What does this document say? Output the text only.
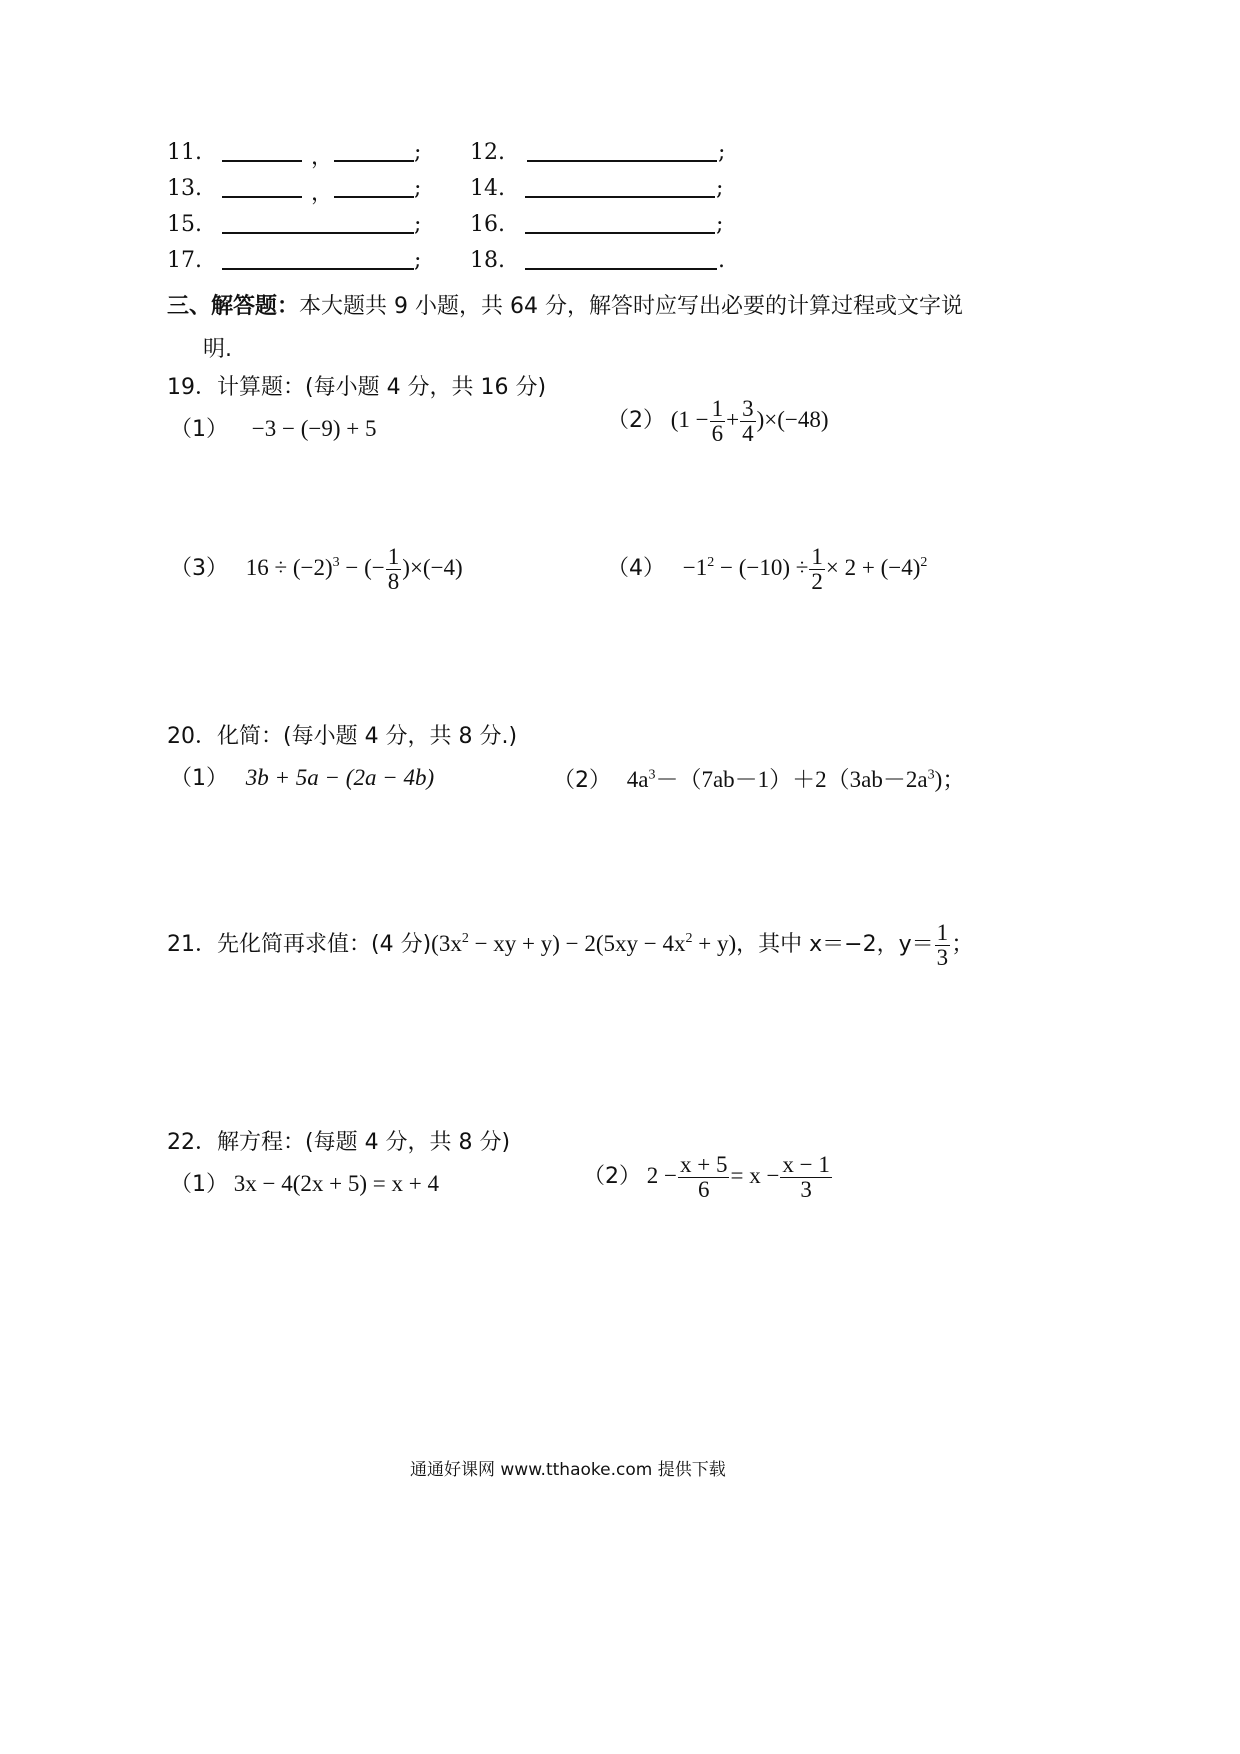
11.	，	; 12.	;
13.	，	; 14.	;
15.	; 16.	;
17.	; 18.	.
三、解答题：本大题共 9 小题，共 64 分，解答时应写出必要的计算过程或文字说
明.
19．计算题：(每小题 4 分，共 16 分)
（1） −3 − (−9) + 5	（2） $(1 - \frac{1}{6} + \frac{3}{4} )\times(-48)$
（3） $16 \div (-2)^3$ − (− $\frac{1}{8} )\times(-4)$	$(4) -1^2 - (-10) \div \frac{1}{2} \times 2 + (-4)^2$
20．化简：(每小题 4 分，共 8 分.)
（1） 3b + 5a − (2a − 4b)	（2） $4a^3-(7ab-1)+2(3ab-2a^3)$；
21．先化简再求值：(4 分)($3x^2$ − xy + $y) - 2(5xy - 4x^2 + y)$，其中 x＝−2，$y= \frac{1}{3}$ ；
22．解方程：(每题 4 分，共 8 分)
（1） 3x − 4(2x + 5) = x + 4	（2） $2 - \frac{x + 5}{6} = x - \frac{x - 1}{3}$
通通好课网 www.tthaoke.com 提供下载
